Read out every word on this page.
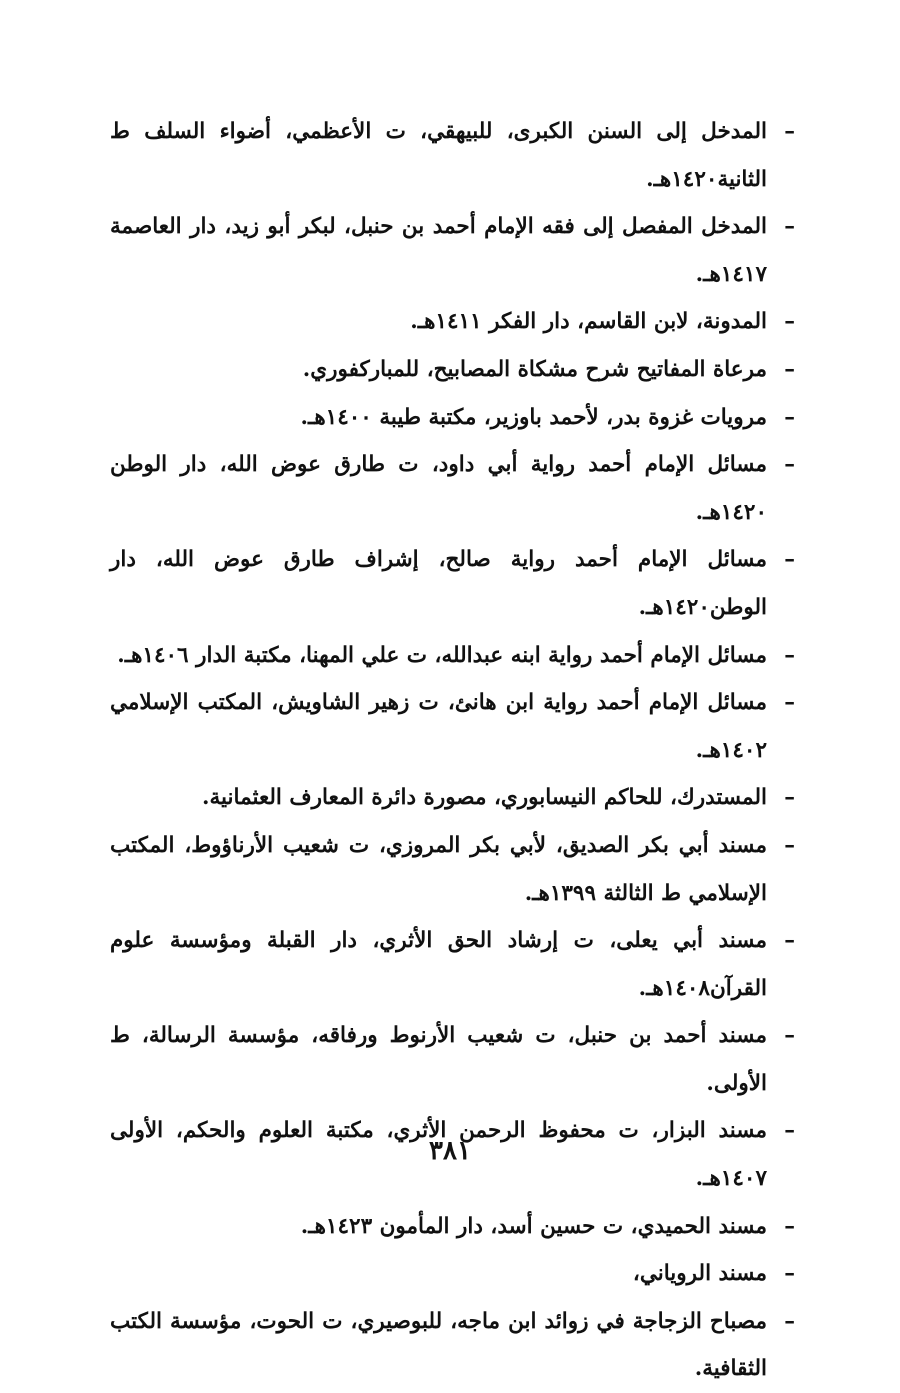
–
المدخل إلى السنن الكبرى، للبيهقي، ت الأعظمي، أضواء السلف ط الثانية١٤٢٠هـ.
–
المدخل المفصل إلى فقه الإمام أحمد بن حنبل، لبكر أبو زيد، دار العاصمة ١٤١٧هـ.
–
المدونة، لابن القاسم، دار الفكر ١٤١١هـ.
–
مرعاة المفاتيح شرح مشكاة المصابيح، للمباركفوري.
–
مرويات غزوة بدر، لأحمد باوزير، مكتبة طيبة ١٤٠٠هـ.
–
مسائل الإمام أحمد رواية أبي داود، ت طارق عوض الله، دار الوطن ١٤٢٠هـ.
–
مسائل الإمام أحمد رواية صالح، إشراف طارق عوض الله، دار الوطن١٤٢٠هـ.
–
مسائل الإمام أحمد رواية ابنه عبدالله، ت علي المهنا، مكتبة الدار ١٤٠٦هـ.
–
مسائل الإمام أحمد رواية ابن هانئ، ت زهير الشاويش، المكتب الإسلامي ١٤٠٢هـ.
–
المستدرك، للحاكم النيسابوري، مصورة دائرة المعارف العثمانية.
–
مسند أبي بكر الصديق، لأبي بكر المروزي، ت شعيب الأرناؤوط، المكتب الإسلامي ط الثالثة ١٣٩٩هـ.
–
مسند أبي يعلى، ت إرشاد الحق الأثري، دار القبلة ومؤسسة علوم القرآن١٤٠٨هـ.
–
مسند أحمد بن حنبل، ت شعيب الأرنوط ورفاقه، مؤسسة الرسالة، ط الأولى.
–
مسند البزار، ت محفوظ الرحمن الأثري، مكتبة العلوم والحكم، الأولى ١٤٠٧هـ.
–
مسند الحميدي، ت حسين أسد، دار المأمون ١٤٢٣هـ.
–
مسند الروياني،
–
مصباح الزجاجة في زوائد ابن ماجه، للبوصيري، ت الحوت، مؤسسة الكتب الثقافية.
٣٨١
